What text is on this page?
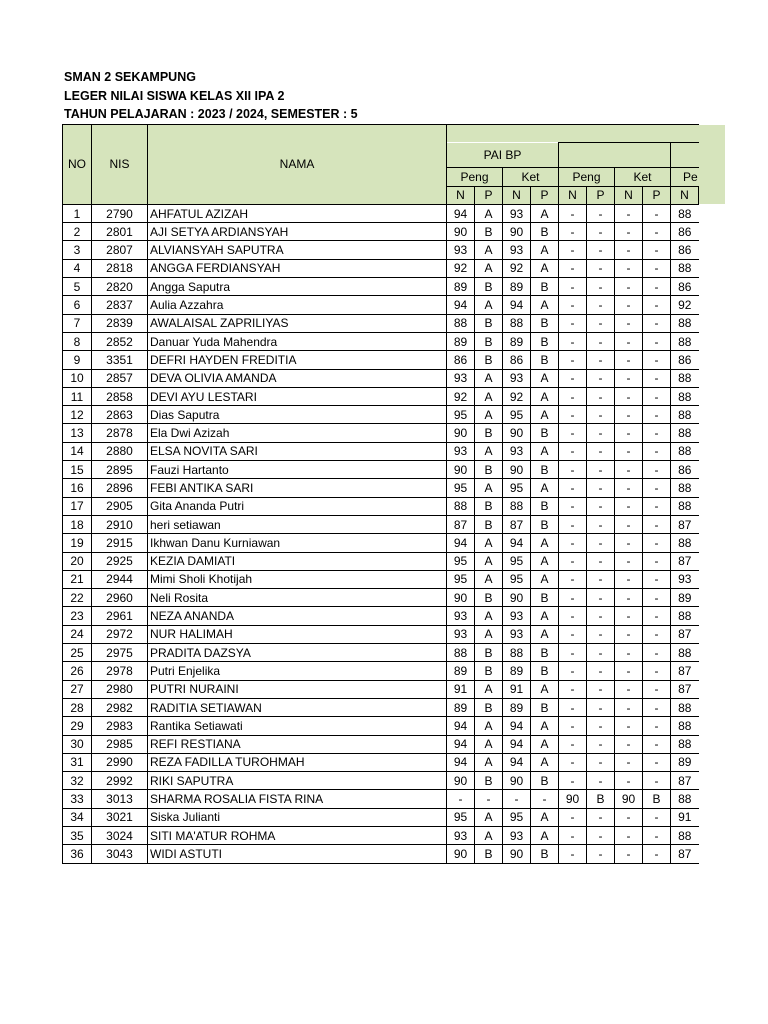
SMAN 2 SEKAMPUNG
LEGER NILAI SISWA KELAS XII IPA 2
TAHUN PELAJARAN : 2023 / 2024, SEMESTER : 5
NO	NIS	NAMA									
			PAI BP								
			Peng		Ket		Peng		Ket		Pe
			N	P	N	P	N	P	N	P	N
1	2790	AHFATUL AZIZAH	94	A	93	A	-	-	-	-	88
2	2801	AJI SETYA ARDIANSYAH	90	B	90	B	-	-	-	-	86
3	2807	ALVIANSYAH SAPUTRA	93	A	93	A	-	-	-	-	86
4	2818	ANGGA FERDIANSYAH	92	A	92	A	-	-	-	-	88
5	2820	Angga Saputra	89	B	89	B	-	-	-	-	86
6	2837	Aulia Azzahra	94	A	94	A	-	-	-	-	92
7	2839	AWALAISAL ZAPRILIYAS	88	B	88	B	-	-	-	-	88
8	2852	Danuar Yuda Mahendra	89	B	89	B	-	-	-	-	88
9	3351	DEFRI HAYDEN FREDITIA	86	B	86	B	-	-	-	-	86
10	2857	DEVA OLIVIA AMANDA	93	A	93	A	-	-	-	-	88
11	2858	DEVI AYU LESTARI	92	A	92	A	-	-	-	-	88
12	2863	Dias Saputra	95	A	95	A	-	-	-	-	88
13	2878	Ela Dwi Azizah	90	B	90	B	-	-	-	-	88
14	2880	ELSA NOVITA SARI	93	A	93	A	-	-	-	-	88
15	2895	Fauzi Hartanto	90	B	90	B	-	-	-	-	86
16	2896	FEBI ANTIKA SARI	95	A	95	A	-	-	-	-	88
17	2905	Gita Ananda Putri	88	B	88	B	-	-	-	-	88
18	2910	heri setiawan	87	B	87	B	-	-	-	-	87
19	2915	Ikhwan Danu Kurniawan	94	A	94	A	-	-	-	-	88
20	2925	KEZIA DAMIATI	95	A	95	A	-	-	-	-	87
21	2944	Mimi Sholi Khotijah	95	A	95	A	-	-	-	-	93
22	2960	Neli Rosita	90	B	90	B	-	-	-	-	89
23	2961	NEZA ANANDA	93	A	93	A	-	-	-	-	88
24	2972	NUR HALIMAH	93	A	93	A	-	-	-	-	87
25	2975	PRADITA DAZSYA	88	B	88	B	-	-	-	-	88
26	2978	Putri Enjelika	89	B	89	B	-	-	-	-	87
27	2980	PUTRI NURAINI	91	A	91	A	-	-	-	-	87
28	2982	RADITIA SETIAWAN	89	B	89	B	-	-	-	-	88
29	2983	Rantika Setiawati	94	A	94	A	-	-	-	-	88
30	2985	REFI RESTIANA	94	A	94	A	-	-	-	-	88
31	2990	REZA FADILLA TUROHMAH	94	A	94	A	-	-	-	-	89
32	2992	RIKI SAPUTRA	90	B	90	B	-	-	-	-	87
33	3013	SHARMA ROSALIA FISTA RINA	-	-	-	-	90	B	90	B	88
34	3021	Siska Julianti	95	A	95	A	-	-	-	-	91
35	3024	SITI MA'ATUR ROHMA	93	A	93	A	-	-	-	-	88
36	3043	WIDI ASTUTI	90	B	90	B	-	-	-	-	87
